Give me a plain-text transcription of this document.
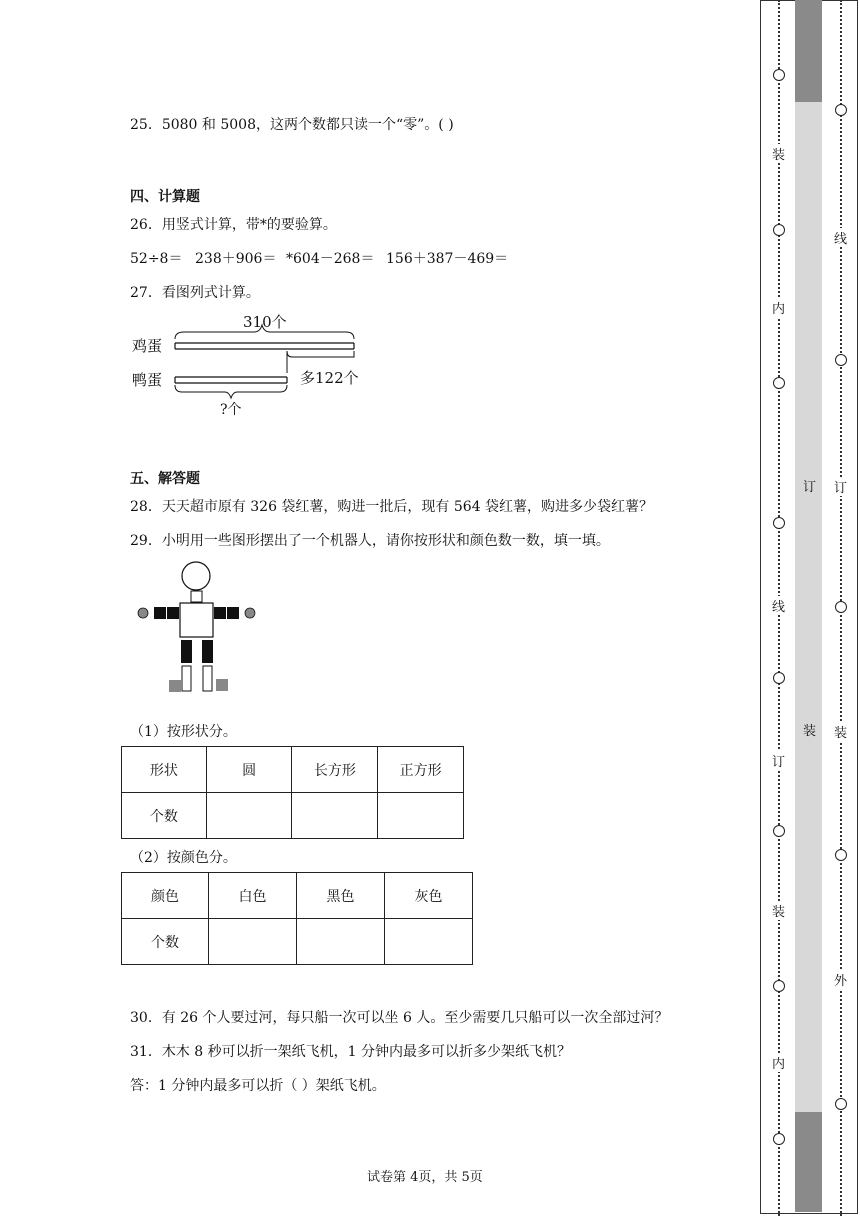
25．5080 和 5008，这两个数都只读一个“零”。( )
四、计算题
26．用竖式计算，带*的要验算。
52÷8＝ 238＋906＝ *604－268＝ 156＋387－469＝
27．看图列式计算。
310个
鸡蛋
鸭蛋	多122个
?个
五、解答题
28．天天超市原有 326 袋红薯，购进一批后，现有 564 袋红薯，购进多少袋红薯？
29．小明用一些图形摆出了一个机器人，请你按形状和颜色数一数，填一填。
（1）按形状分。
形状	圆	长方形	正方形
个数			
（2）按颜色分。
颜色	白色	黑色	灰色
个数			
30．有 26 个人要过河，每只船一次可以坐 6 人。至少需要几只船可以一次全部过河？
31．木木 8 秒可以折一架纸飞机，1 分钟内最多可以折多少架纸飞机？
答：1 分钟内最多可以折（ ）架纸飞机。
试卷第 4页，共 5页
装
内
线
订
装
内
订
装
线
订
装
外
